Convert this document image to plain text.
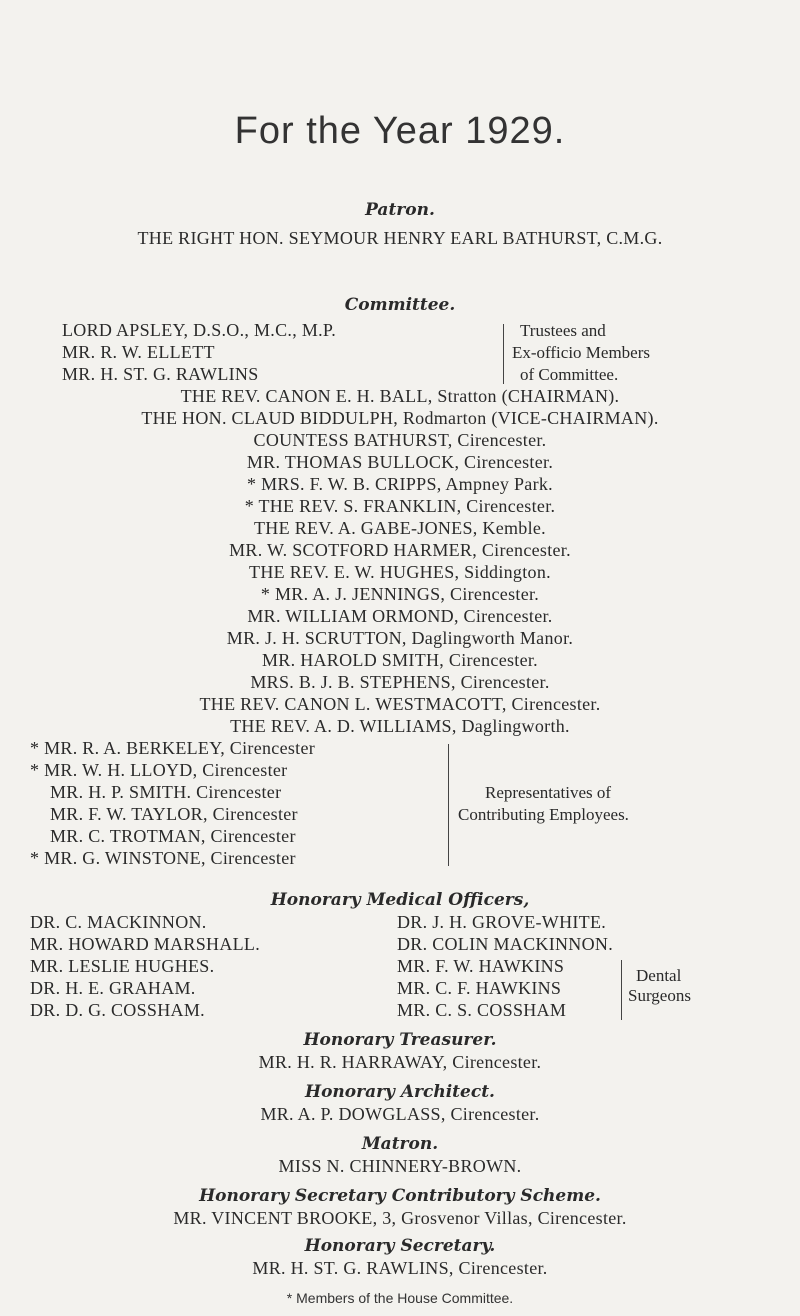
For the Year 1929.
Patron.
THE RIGHT HON. SEYMOUR HENRY EARL BATHURST, C.M.G.
Committee.
LORD APSLEY, D.S.O., M.C., M.P.
MR. R. W. ELLETT
MR. H. ST. G. RAWLINS
Trustees and
Ex-officio Members
of Committee.
THE REV. CANON E. H. BALL, Stratton (CHAIRMAN).
THE HON. CLAUD BIDDULPH, Rodmarton (VICE-CHAIRMAN).
COUNTESS BATHURST, Cirencester.
MR. THOMAS BULLOCK, Cirencester.
* MRS. F. W. B. CRIPPS, Ampney Park.
* THE REV. S. FRANKLIN, Cirencester.
THE REV. A. GABE-JONES, Kemble.
MR. W. SCOTFORD HARMER, Cirencester.
THE REV. E. W. HUGHES, Siddington.
* MR. A. J. JENNINGS, Cirencester.
MR. WILLIAM ORMOND, Cirencester.
MR. J. H. SCRUTTON, Daglingworth Manor.
MR. HAROLD SMITH, Cirencester.
MRS. B. J. B. STEPHENS, Cirencester.
THE REV. CANON L. WESTMACOTT, Cirencester.
THE REV. A. D. WILLIAMS, Daglingworth.
* MR. R. A. BERKELEY, Cirencester
* MR. W. H. LLOYD, Cirencester
MR. H. P. SMITH. Cirencester
MR. F. W. TAYLOR, Cirencester
MR. C. TROTMAN, Cirencester
* MR. G. WINSTONE, Cirencester
Representatives of
Contributing Employees.
Honorary Medical Officers,
DR. C. MACKINNON.
MR. HOWARD MARSHALL.
MR. LESLIE HUGHES.
DR. H. E. GRAHAM.
DR. D. G. COSSHAM.
DR. J. H. GROVE-WHITE.
DR. COLIN MACKINNON.
MR. F. W. HAWKINS
MR. C. F. HAWKINS
MR. C. S. COSSHAM
Dental
Surgeons
Honorary Treasurer.
MR. H. R. HARRAWAY, Cirencester.
Honorary Architect.
MR. A. P. DOWGLASS, Cirencester.
Matron.
MISS N. CHINNERY-BROWN.
Honorary Secretary Contributory Scheme.
MR. VINCENT BROOKE, 3, Grosvenor Villas, Cirencester.
* Members of the House Committee.
Honorary Secretary.
MR. H. ST. G. RAWLINS, Cirencester.
